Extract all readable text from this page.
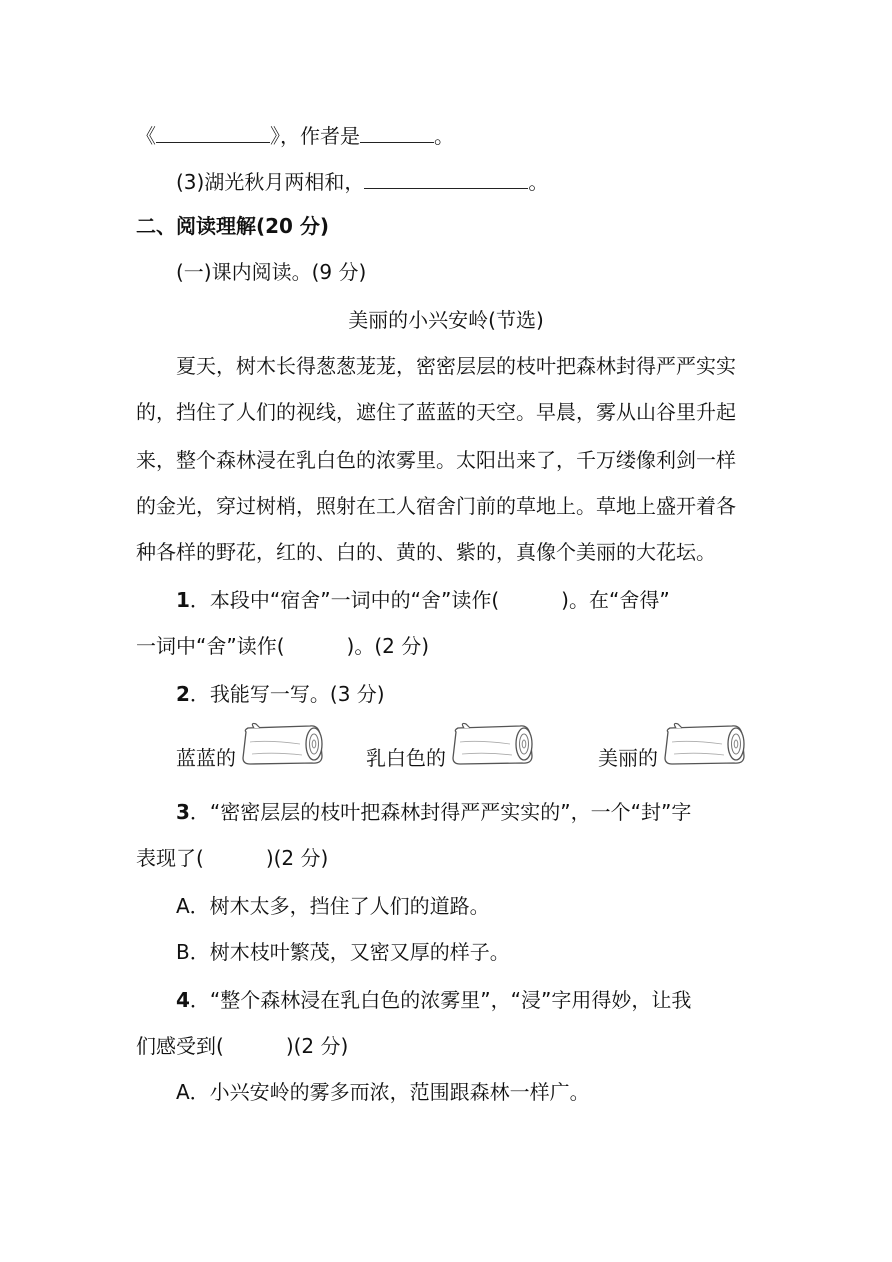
《	》，作者是	。
(3)湖光秋月两相和，	。
二、阅读理解(20 分)
(一)课内阅读。(9 分)
美丽的小兴安岭(节选)
夏天，树木长得葱葱茏茏，密密层层的枝叶把森林封得严严实实
的，挡住了人们的视线，遮住了蓝蓝的天空。早晨，雾从山谷里升起
来，整个森林浸在乳白色的浓雾里。太阳出来了，千万缕像利剑一样
的金光，穿过树梢，照射在工人宿舍门前的草地上。草地上盛开着各
种各样的野花，红的、白的、黄的、紫的，真像个美丽的大花坛。
1．本段中“宿舍”一词中的“舍”读作(	)。在“舍得”
一词中“舍”读作(	)。(2 分)
2．我能写一写。(3 分)
蓝蓝的	乳白色的	美丽的
3．“密密层层的枝叶把森林封得严严实实的”，一个“封”字
表现了(	)(2 分)
A．树木太多，挡住了人们的道路。
B．树木枝叶繁茂，又密又厚的样子。
4．“整个森林浸在乳白色的浓雾里”，“浸”字用得妙，让我
们感受到(	)(2 分)
A．小兴安岭的雾多而浓，范围跟森林一样广。
